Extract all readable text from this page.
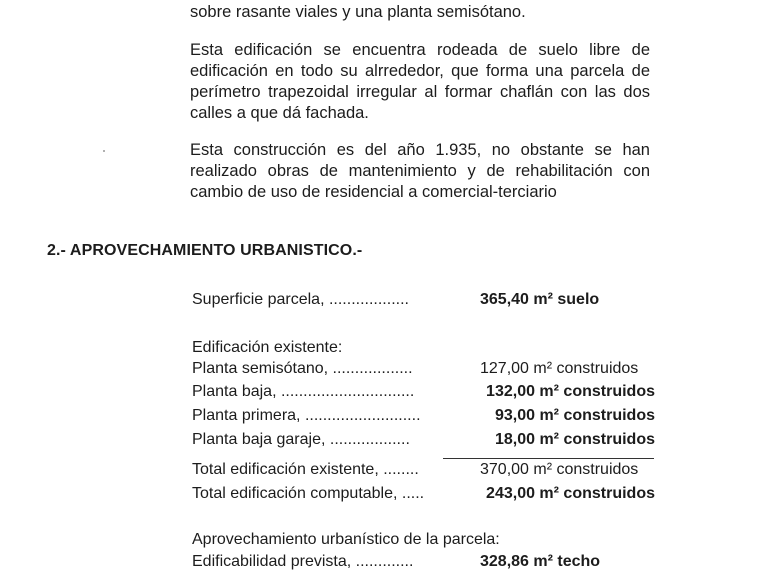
sobre rasante viales y una planta semisótano.
Esta edificación se encuentra rodeada de suelo libre de
edificación en todo su alrrededor, que forma una parcela de
perímetro trapezoidal irregular al formar chaflán con las dos
calles a que dá fachada.
Esta construcción es del año 1.935, no obstante se han
realizado obras de mantenimiento y de rehabilitación con
cambio de uso de residencial a comercial-terciario
2.- APROVECHAMIENTO URBANISTICO.-
Superficie parcela, ..................	365,40 m² suelo
Edificación existente:
Planta semisótano, ..................	127,00 m² construidos
Planta baja, ..............................	132,00 m² construidos
Planta primera, ..........................	93,00 m² construidos
Planta baja garaje, ..................	18,00 m² construidos
Total edificación existente, ........	370,00 m² construidos
Total edificación computable, .....	243,00 m² construidos
Aprovechamiento urbanístico de la parcela:
Edificabilidad prevista, .............	328,86 m² techo
